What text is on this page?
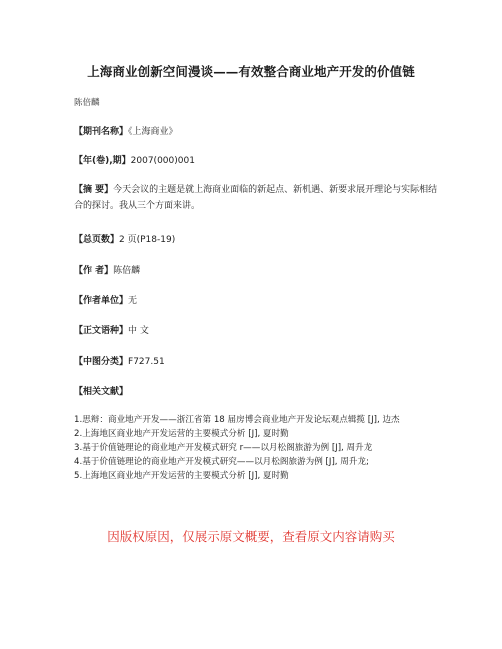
上海商业创新空间漫谈——有效整合商业地产开发的价值链
陈倍麟
【期刊名称】《上海商业》
【年(卷),期】2007(000)001
【摘 要】今天会议的主题是就上海商业面临的新起点、新机遇、新要求展开理论与实际相结合的探讨。我从三个方面来讲。
【总页数】2 页(P18-19)
【作 者】陈倍麟
【作者单位】无
【正文语种】中 文
【中图分类】F727.51
【相关文献】
1.思辩：商业地产开发——浙江省第 18 届房博会商业地产开发论坛观点辑揽 [J], 边杰
2.上海地区商业地产开发运营的主要模式分析 [J], 夏时勤
3.基于价值链理论的商业地产开发模式研究 r——以月松阁旅游为例 [J], 周升龙
4.基于价值链理论的商业地产开发模式研究——以月松阁旅游为例 [J], 周升龙;
5.上海地区商业地产开发运营的主要模式分析 [J], 夏时勤
因版权原因，仅展示原文概要，查看原文内容请购买
